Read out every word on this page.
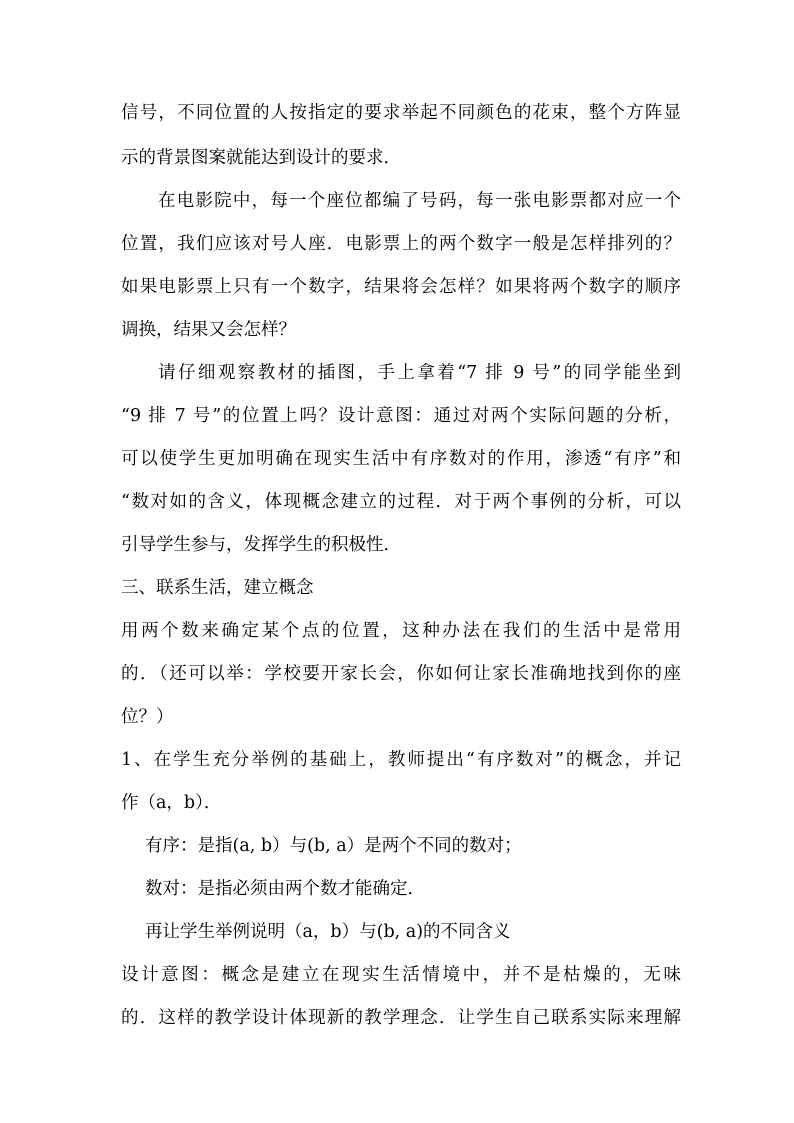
信号，不同位置的人按指定的要求举起不同颜色的花束，整个方阵显
示的背景图案就能达到设计的要求．
在电影院中，每一个座位都编了号码，每一张电影票都对应一个
位置，我们应该对号人座．电影票上的两个数字一般是怎样排列的？
如果电影票上只有一个数字，结果将会怎样？如果将两个数字的顺序
调换，结果又会怎样？
请仔细观察教材的插图，手上拿着“7 排 9 号”的同学能坐到
“9 排 7 号”的位置上吗？设计意图：通过对两个实际问题的分析，
可以使学生更加明确在现实生活中有序数对的作用，渗透“有序”和
“数对如的含义，体现概念建立的过程．对于两个事例的分析，可以
引导学生参与，发挥学生的积极性．
三、联系生活，建立概念
用两个数来确定某个点的位置，这种办法在我们的生活中是常用
的．（还可以举：学校要开家长会，你如何让家长准确地找到你的座
位？）
1、在学生充分举例的基础上，教师提出“有序数对”的概念，并记
作（a，b）．
有序：是指(a, b）与(b, a）是两个不同的数对；
数对：是指必须由两个数才能确定．
再让学生举例说明（a，b）与(b, a)的不同含义
设计意图：概念是建立在现实生活情境中，并不是枯燥的，无味
的．这样的教学设计体现新的教学理念．让学生自己联系实际来理解
